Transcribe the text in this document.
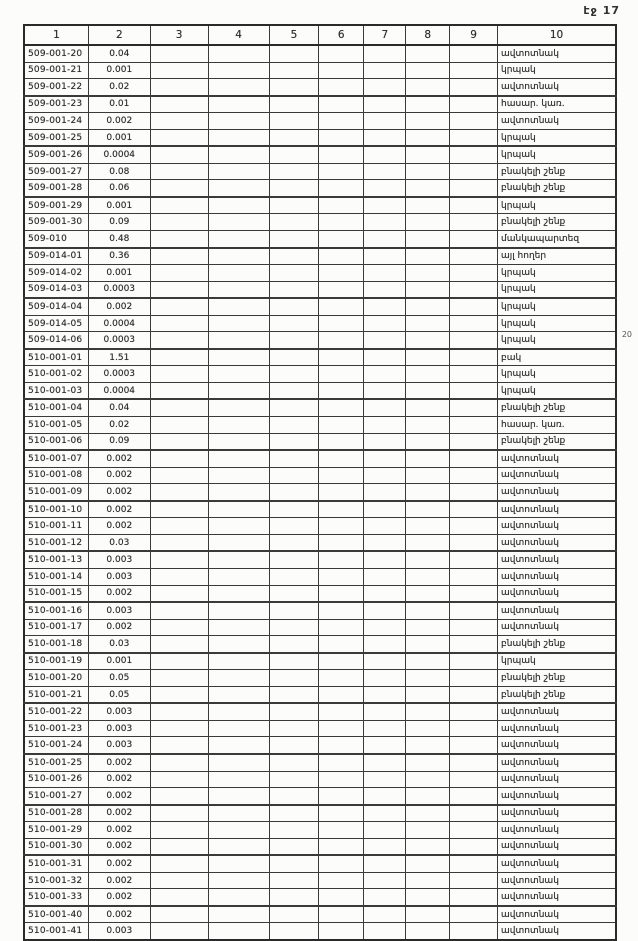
էջ 17
20
1	2	3	4	5	6	7	8	9	10
509-001-20	0.04								ավտոտնակ
509-001-21	0.001								կրպակ
509-001-22	0.02								ավտոտնակ
509-001-23	0.01								հասար. կառ.
509-001-24	0.002								ավտոտնակ
509-001-25	0.001								կրպակ
509-001-26	0.0004								կրպակ
509-001-27	0.08								բնակելի շենք
509-001-28	0.06								բնակելի շենք
509-001-29	0.001								կրպակ
509-001-30	0.09								բնակելի շենք
509-010	0.48								մանկապարտեզ
509-014-01	0.36								այլ հողեր
509-014-02	0.001								կրպակ
509-014-03	0.0003								կրպակ
509-014-04	0.002								կրպակ
509-014-05	0.0004								կրպակ
509-014-06	0.0003								կրպակ
510-001-01	1.51								բակ
510-001-02	0.0003								կրպակ
510-001-03	0.0004								կրպակ
510-001-04	0.04								բնակելի շենք
510-001-05	0.02								հասար. կառ.
510-001-06	0.09								բնակելի շենք
510-001-07	0.002								ավտոտնակ
510-001-08	0.002								ավտոտնակ
510-001-09	0.002								ավտոտնակ
510-001-10	0.002								ավտոտնակ
510-001-11	0.002								ավտոտնակ
510-001-12	0.03								ավտոտնակ
510-001-13	0.003								ավտոտնակ
510-001-14	0.003								ավտոտնակ
510-001-15	0.002								ավտոտնակ
510-001-16	0.003								ավտոտնակ
510-001-17	0.002								ավտոտնակ
510-001-18	0.03								բնակելի շենք
510-001-19	0.001								կրպակ
510-001-20	0.05								բնակելի շենք
510-001-21	0.05								բնակելի շենք
510-001-22	0.003								ավտոտնակ
510-001-23	0.003								ավտոտնակ
510-001-24	0.003								ավտոտնակ
510-001-25	0.002								ավտոտնակ
510-001-26	0.002								ավտոտնակ
510-001-27	0.002								ավտոտնակ
510-001-28	0.002								ավտոտնակ
510-001-29	0.002								ավտոտնակ
510-001-30	0.002								ավտոտնակ
510-001-31	0.002								ավտոտնակ
510-001-32	0.002								ավտոտնակ
510-001-33	0.002								ավտոտնակ
510-001-40	0.002								ավտոտնակ
510-001-41	0.003								ավտոտնակ
